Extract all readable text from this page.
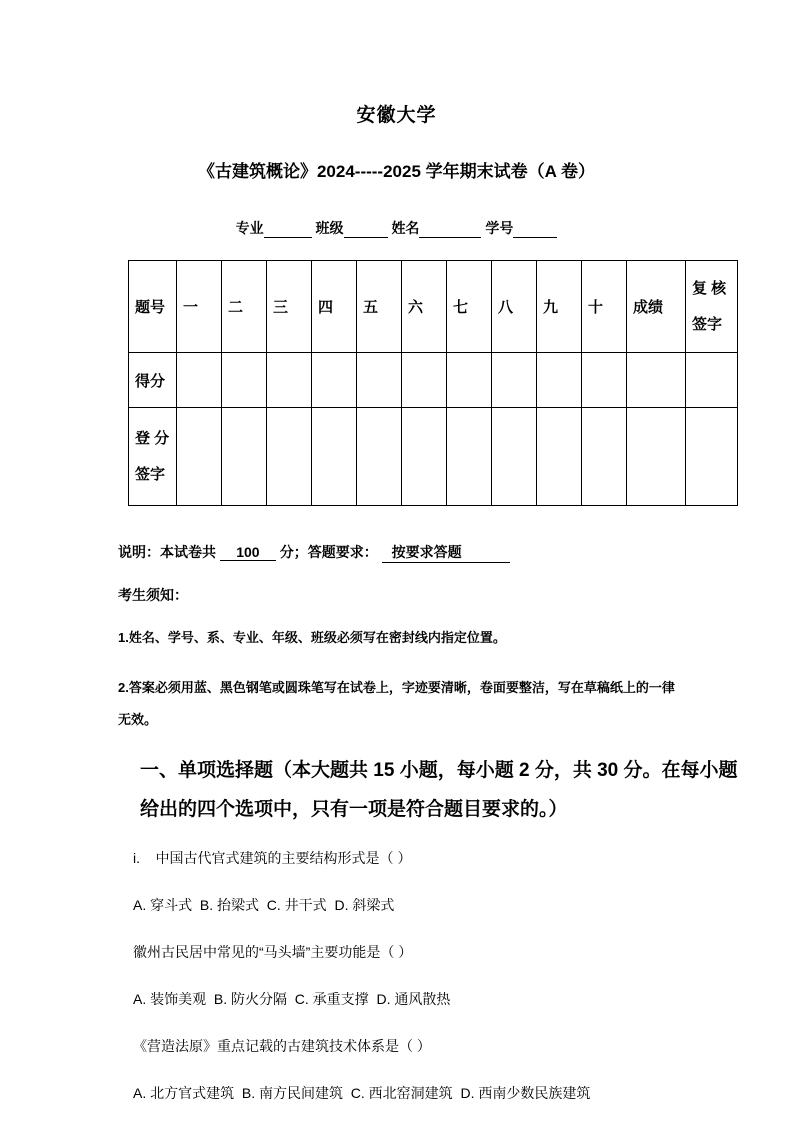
安徽大学
《古建筑概论》2024-----2025 学年期末试卷（A 卷）
专业	班级	姓名	学号
题号	一	二	三	四	五	六	七	八	九	十	成绩	复 核
签字

得分												

登 分
签字												

说明：本试卷共 100 分；答题要求： 按要求答题
考生须知：
1.姓名、学号、系、专业、年级、班级必须写在密封线内指定位置。
2.答案必须用蓝、黑色钢笔或圆珠笔写在试卷上，字迹要清晰，卷面要整洁，写在草稿纸上的一律无效。
一、单项选择题（本大题共 15 小题，每小题 2 分，共 30 分。在每小题给出的四个选项中，只有一项是符合题目要求的。）

i.    中国古代官式建筑的主要结构形式是（ ）

A. 穿斗式  B. 抬梁式  C. 井干式  D. 斜梁式

徽州古民居中常见的“马头墙”主要功能是（ ）

A. 装饰美观  B. 防火分隔  C. 承重支撑  D. 通风散热

《营造法原》重点记载的古建筑技术体系是（ ）

A. 北方官式建筑  B. 南方民间建筑  C. 西北窑洞建筑  D. 西南少数民族建筑
